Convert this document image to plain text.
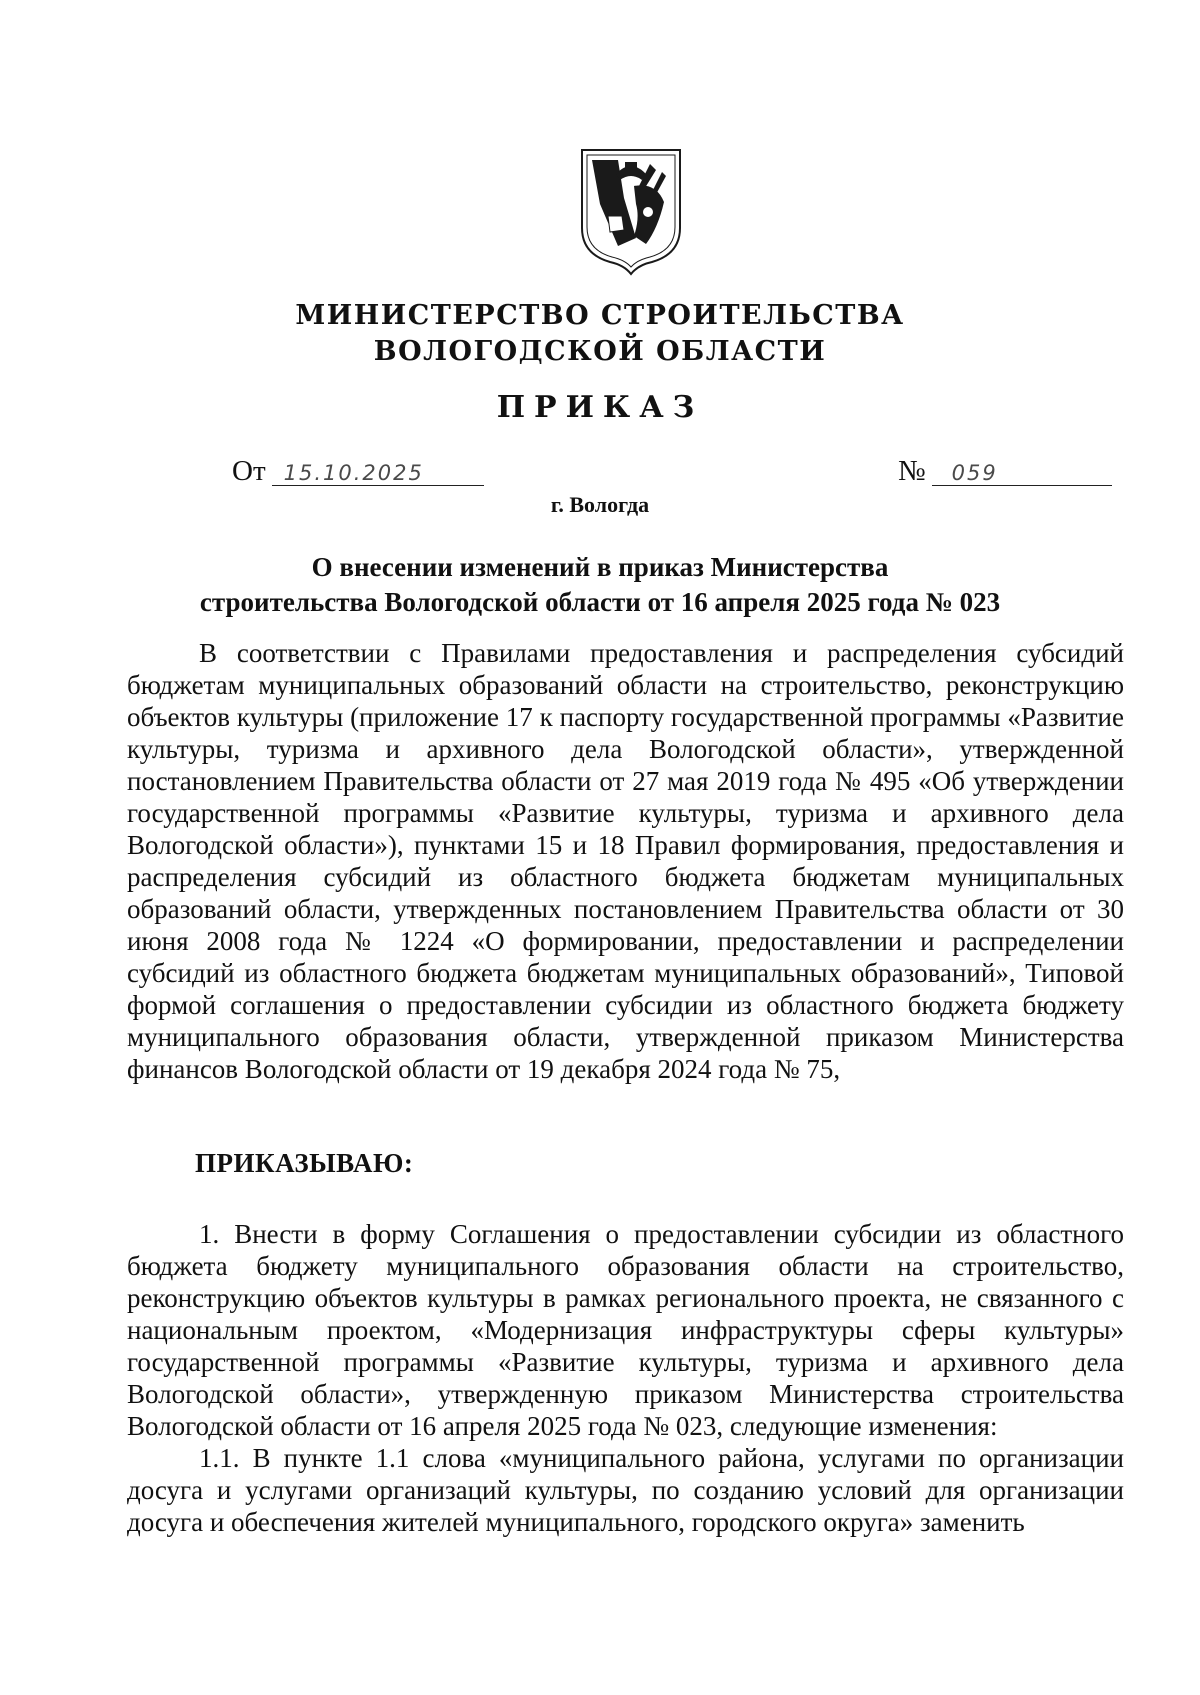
МИНИСТЕРСТВО СТРОИТЕЛЬСТВА
ВОЛОГОДСКОЙ ОБЛАСТИ
ПРИКАЗ
От 15.10.2025	№ 059
г. Вологда
О внесении изменений в приказ Министерства
строительства Вологодской области от 16 апреля 2025 года № 023

В соответствии с Правилами предоставления и распределения субсидий бюджетам муниципальных образований области на строительство, реконструкцию объектов культуры (приложение 17 к паспорту государственной программы «Развитие культуры, туризма и архивного дела Вологодской области», утвержденной постановлением Правительства области от 27 мая 2019 года № 495 «Об утверждении государственной программы «Развитие культуры, туризма и архивного дела Вологодской области»), пунктами 15 и 18 Правил формирования, предоставления и распределения субсидий из областного бюджета бюджетам муниципальных образований области, утвержденных постановлением Правительства области от 30 июня 2008 года № 1224 «О формировании, предоставлении и распределении субсидий из областного бюджета бюджетам муниципальных образований», Типовой формой соглашения о предоставлении субсидии из областного бюджета бюджету муниципального образования области, утвержденной приказом Министерства финансов Вологодской области от 19 декабря 2024 года № 75,

ПРИКАЗЫВАЮ:

1. Внести в форму Соглашения о предоставлении субсидии из областного бюджета бюджету муниципального образования области на строительство, реконструкцию объектов культуры в рамках регионального проекта, не связанного с национальным проектом, «Модернизация инфраструктуры сферы культуры» государственной программы «Развитие культуры, туризма и архивного дела Вологодской области», утвержденную приказом Министерства строительства Вологодской области от 16 апреля 2025 года № 023, следующие изменения:

1.1. В пункте 1.1 слова «муниципального района, услугами по организации досуга и услугами организаций культуры, по созданию условий для организации досуга и обеспечения жителей муниципального, городского округа» заменить
